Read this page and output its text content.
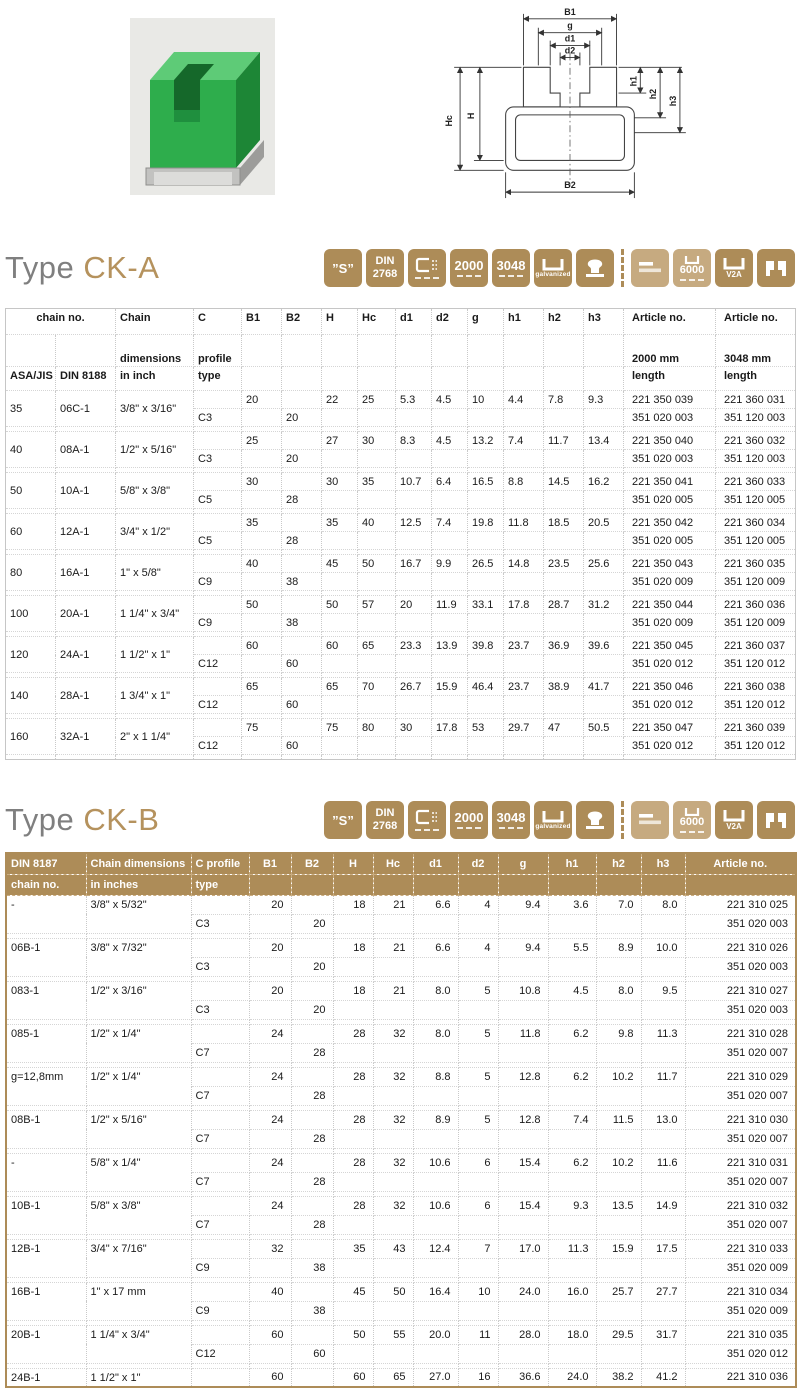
B1
g
d1
d2
Hc H
h1
h2
h3
B2
Type CK-A	”S” DIN
2768
2000 3048
galvanized	6000	V2A
chain no.		Chain	C	B1	B2	H	Hc	d1	d2	g	h1	h2	h3	Article no.	Article no.
		dimensions	profile											2000 mm	3048 mm
ASA/JIS	DIN 8188	in inch	type											length	length
35	06C-1	3/8" x 3/16"		20		22	25	5.3	4.5	10	4.4	7.8	9.3	221 350 039	221 360 031
			C3		20									351 020 003	351 120 003

40	08A-1	1/2" x 5/16"		25		27	30	8.3	4.5	13.2	7.4	11.7	13.4	221 350 040	221 360 032
			C3		20									351 020 003	351 120 003

50	10A-1	5/8" x 3/8"		30		30	35	10.7	6.4	16.5	8.8	14.5	16.2	221 350 041	221 360 033
			C5		28									351 020 005	351 120 005

60	12A-1	3/4" x 1/2"		35		35	40	12.5	7.4	19.8	11.8	18.5	20.5	221 350 042	221 360 034
			C5		28									351 020 005	351 120 005

80	16A-1	1" x 5/8"		40		45	50	16.7	9.9	26.5	14.8	23.5	25.6	221 350 043	221 360 035
			C9		38									351 020 009	351 120 009

100	20A-1	1 1/4" x 3/4"		50		50	57	20	11.9	33.1	17.8	28.7	31.2	221 350 044	221 360 036
			C9		38									351 020 009	351 120 009

120	24A-1	1 1/2" x 1"		60		60	65	23.3	13.9	39.8	23.7	36.9	39.6	221 350 045	221 360 037
			C12		60									351 020 012	351 120 012

140	28A-1	1 3/4" x 1"		65		65	70	26.7	15.9	46.4	23.7	38.9	41.7	221 350 046	221 360 038
			C12		60									351 020 012	351 120 012

160	32A-1	2" x 1 1/4"		75		75	80	30	17.8	53	29.7	47	50.5	221 350 047	221 360 039
			C12		60									351 020 012	351 120 012

Type CK-B	”S” DIN
2768
2000 3048
galvanized	6000	V2A
DIN 8187	Chain dimensions	C profile	B1	B2	H	Hc	d1	d2	g	h1	h2	h3	Article no.
chain no.	in inches	type											
-	3/8" x 5/32"		20		18	21	6.6	4	9.4	3.6	7.0	8.0	221 310 025
		C3		20									351 020 003

06B-1	3/8" x 7/32"		20		18	21	6.6	4	9.4	5.5	8.9	10.0	221 310 026
		C3		20									351 020 003

083-1	1/2" x 3/16"		20		18	21	8.0	5	10.8	4.5	8.0	9.5	221 310 027
		C3		20									351 020 003

085-1	1/2" x 1/4"		24		28	32	8.0	5	11.8	6.2	9.8	11.3	221 310 028
		C7		28									351 020 007

g=12,8mm	1/2" x 1/4"		24		28	32	8.8	5	12.8	6.2	10.2	11.7	221 310 029
		C7		28									351 020 007

08B-1	1/2" x 5/16"		24		28	32	8.9	5	12.8	7.4	11.5	13.0	221 310 030
		C7		28									351 020 007

-	5/8" x 1/4"		24		28	32	10.6	6	15.4	6.2	10.2	11.6	221 310 031
		C7		28									351 020 007

10B-1	5/8" x 3/8"		24		28	32	10.6	6	15.4	9.3	13.5	14.9	221 310 032
		C7		28									351 020 007

12B-1	3/4" x 7/16"		32		35	43	12.4	7	17.0	11.3	15.9	17.5	221 310 033
		C9		38									351 020 009

16B-1	1" x 17 mm		40		45	50	16.4	10	24.0	16.0	25.7	27.7	221 310 034
		C9		38									351 020 009

20B-1	1 1/4" x 3/4"		60		50	55	20.0	11	28.0	18.0	29.5	31.7	221 310 035
		C12		60									351 020 012

24B-1	1 1/2" x 1"		60		60	65	27.0	16	36.6	24.0	38.2	41.2	221 310 036
